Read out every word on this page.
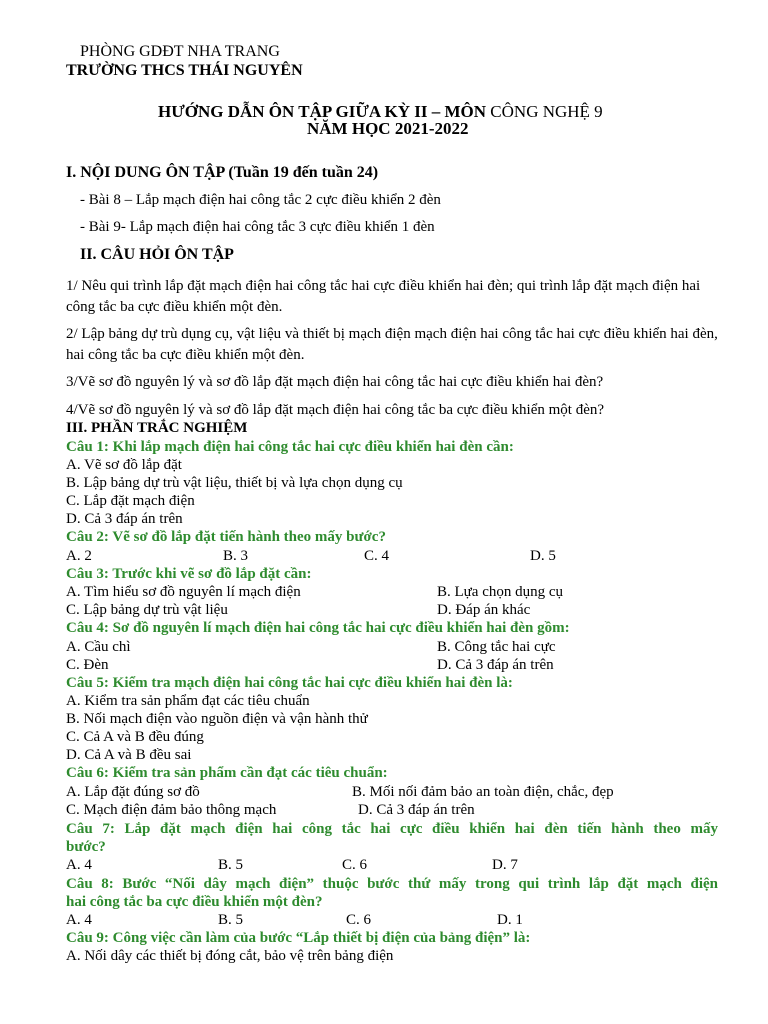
PHÒNG GDĐT NHA TRANG
TRƯỜNG THCS THÁI NGUYÊN
HƯỚNG DẪN ÔN TẬP GIỮA KỲ II – MÔN CÔNG NGHỆ 9
NĂM HỌC 2021-2022
I. NỘI DUNG ÔN TẬP (Tuần 19 đến tuần 24)
- Bài 8 – Lắp mạch điện hai công tắc 2 cực điều khiển 2 đèn
- Bài 9- Lắp mạch điện hai công tắc 3 cực điều khiển 1 đèn
II. CÂU HỎI ÔN TẬP
1/ Nêu qui trình lắp đặt mạch điện hai công tắc hai cực điều khiển hai đèn; qui trình lắp đặt mạch điện hai công tắc ba cực điều khiển một đèn.
2/ Lập bảng dự trù dụng cụ, vật liệu và thiết bị mạch điện mạch điện hai công tắc hai cực điều khiển hai đèn, hai công tắc ba cực điều khiển một đèn.
3/Vẽ sơ đồ nguyên lý và sơ đồ lắp đặt mạch điện hai công tắc hai cực điều khiển hai đèn?
4/Vẽ sơ đồ nguyên lý và sơ đồ lắp đặt mạch điện hai công tắc ba cực điều khiển một đèn?
III. PHẦN TRẮC NGHIỆM
Câu 1: Khi lắp mạch điện hai công tắc hai cực điều khiển hai đèn cần:
A. Vẽ sơ đồ lắp đặt
B. Lập bảng dự trù vật liệu, thiết bị và lựa chọn dụng cụ
C. Lắp đặt mạch điện
D. Cả 3 đáp án trên
Câu 2: Vẽ sơ đồ lắp đặt tiến hành theo mấy bước?
A. 2	B. 3	C. 4	D. 5
Câu 3: Trước khi vẽ sơ đồ lắp đặt cần:
A. Tìm hiểu sơ đồ nguyên lí mạch điện	B. Lựa chọn dụng cụ
C. Lập bảng dự trù vật liệu	D. Đáp án khác
Câu 4: Sơ đồ nguyên lí mạch điện hai công tắc hai cực điều khiển hai đèn gồm:
A. Cầu chì	B. Công tắc hai cực
C. Đèn	D. Cả 3 đáp án trên
Câu 5: Kiểm tra mạch điện hai công tắc hai cực điều khiển hai đèn là:
A. Kiểm tra sản phẩm đạt các tiêu chuẩn
B. Nối mạch điện vào nguồn điện và vận hành thử
C. Cả A và B đều đúng
D. Cả A và B đều sai
Câu 6: Kiểm tra sản phẩm cần đạt các tiêu chuẩn:
A. Lắp đặt đúng sơ đồ	B. Mối nối đảm bảo an toàn điện, chắc, đẹp
C. Mạch điện đảm bảo thông mạch	D. Cả 3 đáp án trên
Câu 7: Lắp đặt mạch điện hai công tắc hai cực điều khiển hai đèn tiến hành theo mấy
bước?
A. 4	B. 5	C. 6	D. 7
Câu 8: Bước “Nối dây mạch điện” thuộc bước thứ mấy trong qui trình lắp đặt mạch điện
hai công tắc ba cực điều khiển một đèn?
A. 4	B. 5	C. 6	D. 1
Câu 9: Công việc cần làm của bước “Lắp thiết bị điện của bảng điện” là:
A. Nối dây các thiết bị đóng cắt, bảo vệ trên bảng điện
